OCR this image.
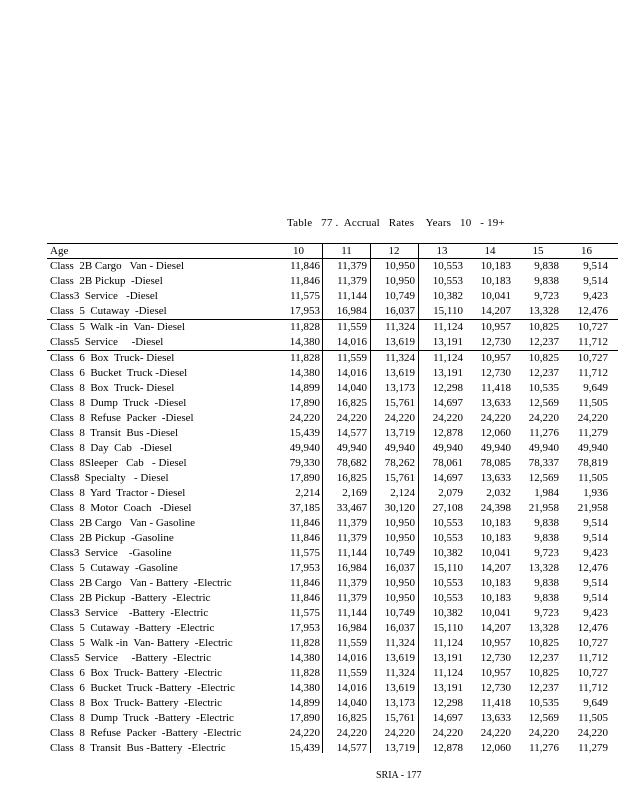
Table   77 .  Accrual   Rates    Years   10   - 19+
Age	10	11	12	13	14	15	16
Class  2B Cargo   Van - Diesel	11,846	11,379	10,950	10,553	10,183	9,838	9,514
Class  2B Pickup  -Diesel	11,846	11,379	10,950	10,553	10,183	9,838	9,514
Class3  Service   -Diesel	11,575	11,144	10,749	10,382	10,041	9,723	9,423
Class  5  Cutaway  -Diesel	17,953	16,984	16,037	15,110	14,207	13,328	12,476
Class  5  Walk -in  Van- Diesel	11,828	11,559	11,324	11,124	10,957	10,825	10,727
Class5  Service     -Diesel	14,380	14,016	13,619	13,191	12,730	12,237	11,712
Class  6  Box  Truck- Diesel	11,828	11,559	11,324	11,124	10,957	10,825	10,727
Class  6  Bucket  Truck -Diesel	14,380	14,016	13,619	13,191	12,730	12,237	11,712
Class  8  Box  Truck- Diesel	14,899	14,040	13,173	12,298	11,418	10,535	9,649
Class  8  Dump  Truck  -Diesel	17,890	16,825	15,761	14,697	13,633	12,569	11,505
Class  8  Refuse  Packer  -Diesel	24,220	24,220	24,220	24,220	24,220	24,220	24,220
Class  8  Transit  Bus -Diesel	15,439	14,577	13,719	12,878	12,060	11,276	11,279
Class  8  Day  Cab   -Diesel	49,940	49,940	49,940	49,940	49,940	49,940	49,940
Class  8Sleeper   Cab   - Diesel	79,330	78,682	78,262	78,061	78,085	78,337	78,819
Class8  Specialty   - Diesel	17,890	16,825	15,761	14,697	13,633	12,569	11,505
Class  8  Yard  Tractor - Diesel	2,214	2,169	2,124	2,079	2,032	1,984	1,936
Class  8  Motor  Coach   -Diesel	37,185	33,467	30,120	27,108	24,398	21,958	21,958
Class  2B Cargo   Van - Gasoline	11,846	11,379	10,950	10,553	10,183	9,838	9,514
Class  2B Pickup  -Gasoline	11,846	11,379	10,950	10,553	10,183	9,838	9,514
Class3  Service    -Gasoline	11,575	11,144	10,749	10,382	10,041	9,723	9,423
Class  5  Cutaway  -Gasoline	17,953	16,984	16,037	15,110	14,207	13,328	12,476
Class  2B Cargo   Van - Battery  -Electric	11,846	11,379	10,950	10,553	10,183	9,838	9,514
Class  2B Pickup  -Battery  -Electric	11,846	11,379	10,950	10,553	10,183	9,838	9,514
Class3  Service    -Battery  -Electric	11,575	11,144	10,749	10,382	10,041	9,723	9,423
Class  5  Cutaway  -Battery  -Electric	17,953	16,984	16,037	15,110	14,207	13,328	12,476
Class  5  Walk -in  Van- Battery  -Electric	11,828	11,559	11,324	11,124	10,957	10,825	10,727
Class5  Service     -Battery  -Electric	14,380	14,016	13,619	13,191	12,730	12,237	11,712
Class  6  Box  Truck- Battery  -Electric	11,828	11,559	11,324	11,124	10,957	10,825	10,727
Class  6  Bucket  Truck -Battery  -Electric	14,380	14,016	13,619	13,191	12,730	12,237	11,712
Class  8  Box  Truck- Battery  -Electric	14,899	14,040	13,173	12,298	11,418	10,535	9,649
Class  8  Dump  Truck  -Battery  -Electric	17,890	16,825	15,761	14,697	13,633	12,569	11,505
Class  8  Refuse  Packer  -Battery  -Electric	24,220	24,220	24,220	24,220	24,220	24,220	24,220
Class  8  Transit  Bus -Battery  -Electric	15,439	14,577	13,719	12,878	12,060	11,276	11,279
SRIA - 177
